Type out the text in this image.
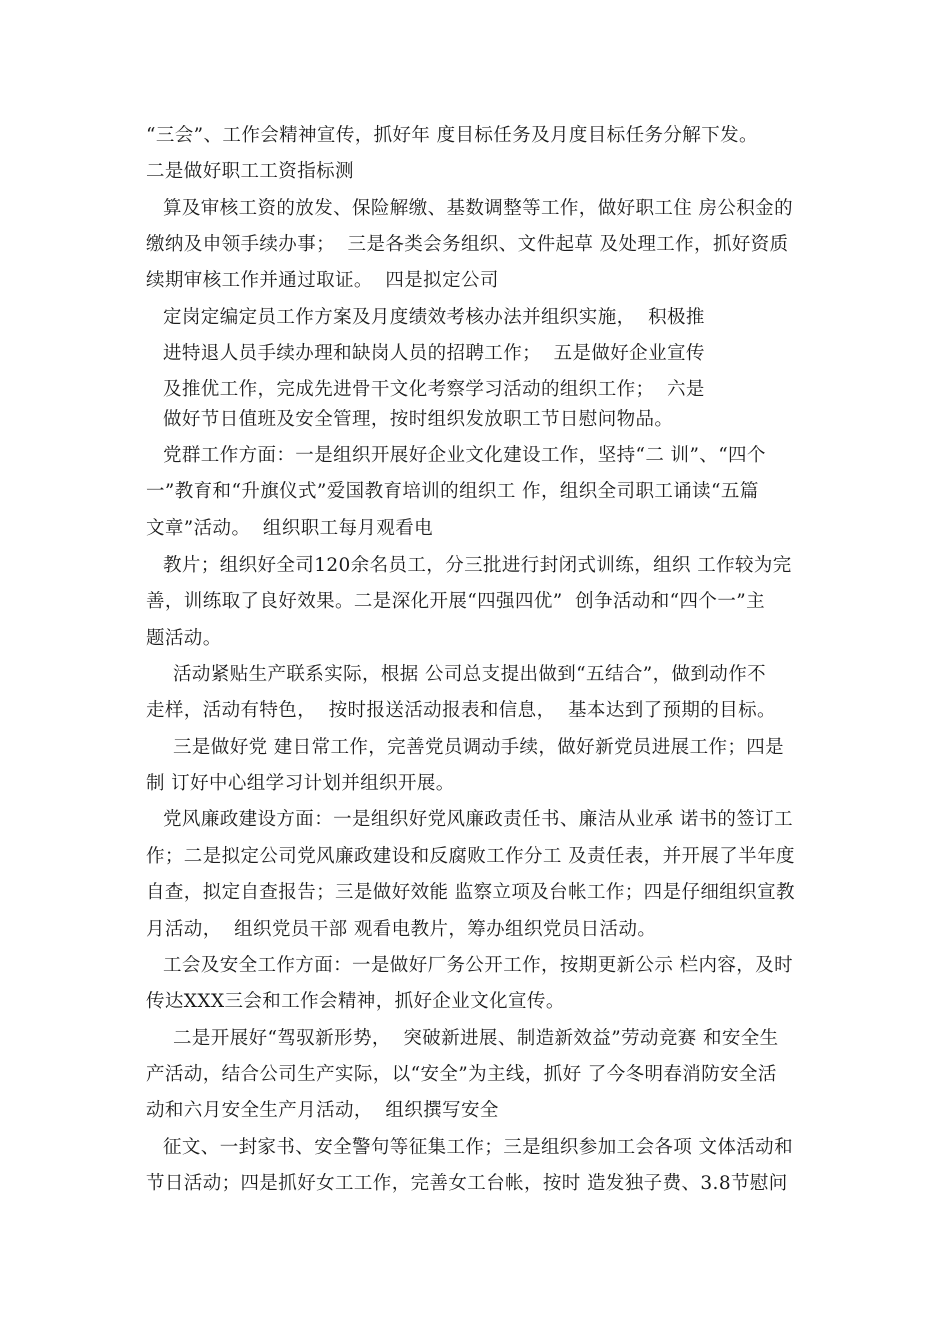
“三会”、工作会精神宣传，抓好年 度目标任务及月度目标任务分解下发。
二是做好职工工资指标测
算及审核工资的放发、保险解缴、基数调整等工作，做好职工住 房公积金的
缴纳及申领手续办事；  三是各类会务组织、文件起草 及处理工作，抓好资质
续期审核工作并通过取证。  四是拟定公司
定岗定编定员工作方案及月度绩效考核办法并组织实施，  积极推
进特退人员手续办理和缺岗人员的招聘工作；  五是做好企业宣传
及推优工作，完成先进骨干文化考察学习活动的组织工作；  六是
做好节日值班及安全管理，按时组织发放职工节日慰问物品。
党群工作方面：一是组织开展好企业文化建设工作，坚持“二 训”、“四个
一”教育和“升旗仪式”爱国教育培训的组织工 作，组织全司职工诵读“五篇
文章”活动。  组织职工每月观看电
教片；组织好全司120余名员工，分三批进行封闭式训练，组织 工作较为完
善，训练取了良好效果。二是深化开展“四强四优”  创争活动和“四个一”主
题活动。
活动紧贴生产联系实际，根据 公司总支提出做到“五结合”，做到动作不
走样，活动有特色，  按时报送活动报表和信息，  基本达到了预期的目标。
三是做好党 建日常工作，完善党员调动手续，做好新党员进展工作；四是
制 订好中心组学习计划并组织开展。
党风廉政建设方面：一是组织好党风廉政责任书、廉洁从业承 诺书的签订工
作；二是拟定公司党风廉政建设和反腐败工作分工 及责任表，并开展了半年度
自查，拟定自查报告；三是做好效能 监察立项及台帐工作；四是仔细组织宣教
月活动，  组织党员干部 观看电教片，筹办组织党员日活动。
工会及安全工作方面：一是做好厂务公开工作，按期更新公示 栏内容，及时
传达XXX三会和工作会精神，抓好企业文化宣传。
二是开展好“驾驭新形势，  突破新进展、制造新效益”劳动竞赛 和安全生
产活动，结合公司生产实际，以“安全”为主线，抓好 了今冬明春消防安全活
动和六月安全生产月活动，  组织撰写安全
征文、一封家书、安全警句等征集工作；三是组织参加工会各项 文体活动和
节日活动；四是抓好女工工作，完善女工台帐，按时 造发独子费、3.8节慰问
